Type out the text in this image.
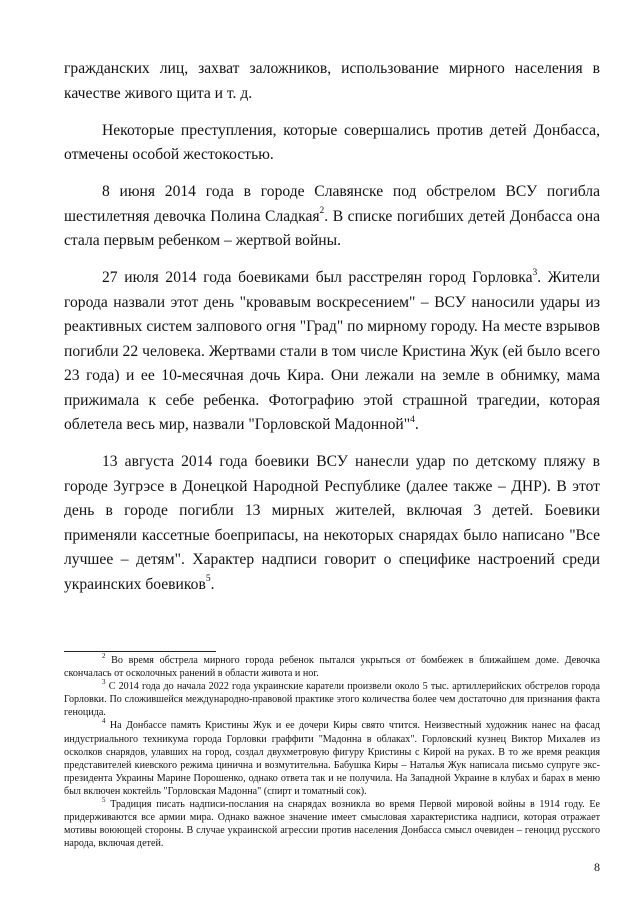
гражданских лиц, захват заложников, использование мирного населения в качестве живого щита и т. д.

Некоторые преступления, которые совершались против детей Донбасса, отмечены особой жестокостью.

8 июня 2014 года в городе Славянске под обстрелом ВСУ погибла шестилетняя девочка Полина Сладкая$^2$. В списке погибших детей Донбасса она стала первым ребенком – жертвой войны.

27 июля 2014 года боевиками был расстрелян город Горловка$^3$. Жители города назвали этот день "кровавым воскресением" – ВСУ наносили удары из реактивных систем залпового огня "Град" по мирному городу. На месте взрывов погибли 22 человека. Жертвами стали в том числе Кристина Жук (ей было всего 23 года) и ее 10-месячная дочь Кира. Они лежали на земле в обнимку, мама прижимала к себе ребенка. Фотографию этой страшной трагедии, которая облетела весь мир, назвали "Горловской Мадонной"$^4$.

13 августа 2014 года боевики ВСУ нанесли удар по детскому пляжу в городе Зугрэсе в Донецкой Народной Республике (далее также – ДНР). В этот день в городе погибли 13 мирных жителей, включая 3 детей. Боевики применяли кассетные боеприпасы, на некоторых снарядах было написано "Все лучшее – детям". Характер надписи говорит о специфике настроений среди украинских боевиков$^5$.

$^2$ Во время обстрела мирного города ребенок пытался укрыться от бомбежек в ближайшем доме. Девочка скончалась от осколочных ранений в области живота и ног.

$^3$ С 2014 года до начала 2022 года украинские каратели произвели около 5 тыс. артиллерийских обстрелов города Горловки. По сложившейся международно-правовой практике этого количества более чем достаточно для признания факта геноцида.

$^4$ На Донбассе память Кристины Жук и ее дочери Киры свято чтится. Неизвестный художник нанес на фасад индустриального техникума города Горловки граффити "Мадонна в облаках". Горловский кузнец Виктор Михалев из осколков снарядов, улавших на город, создал двухметровую фигуру Кристины с Кирой на руках. В то же время реакция представителей киевского режима цинична и возмутительна. Бабушка Киры – Наталья Жук написала письмо супруге экс-президента Украины Марине Порошенко, однако ответа так и не получила. На Западной Украине в клубах и барах в меню был включен коктейль "Горловская Мадонна" (спирт и томатный сок).

$^5$ Традиция писать надписи-послания на снарядах возникла во время Первой мировой войны в 1914 году. Ее придерживаются все армии мира. Однако важное значение имеет смысловая характеристика надписи, которая отражает мотивы воюющей стороны. В случае украинской агрессии против населения Донбасса смысл очевиден – геноцид русского народа, включая детей.

8
